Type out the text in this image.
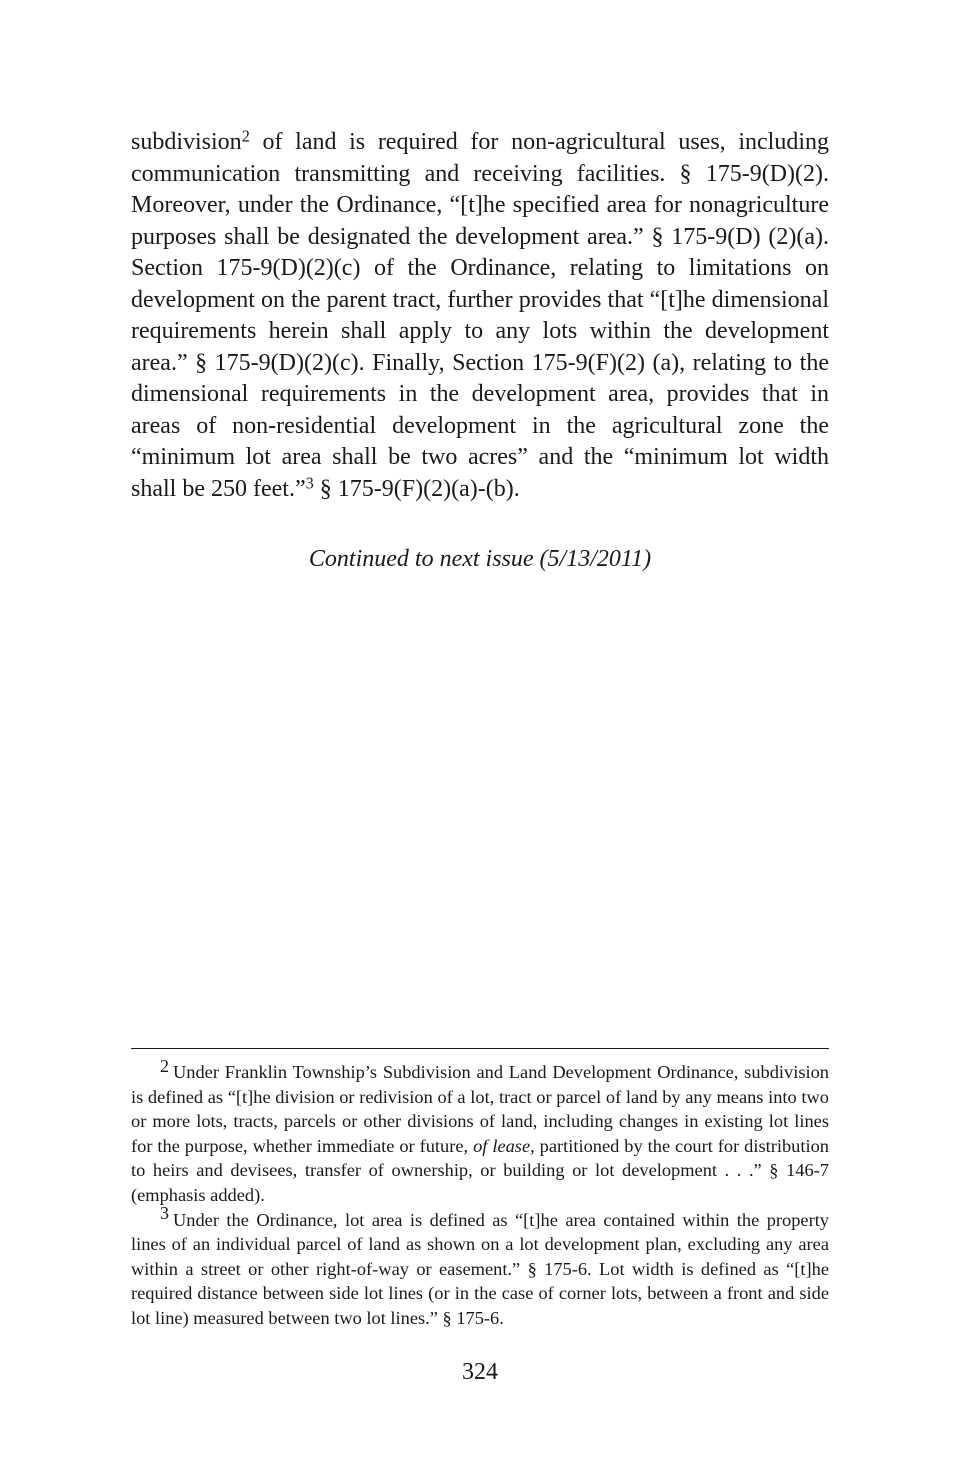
subdivision$^2$ of land is required for non-agricultural uses, including communication transmitting and receiving facilities. § 175-9(D)(2). Moreover, under the Ordinance, “[t]he specified area for nonagriculture purposes shall be designated the development area.” § 175-9(D) (2)(a). Section 175-9(D)(2)(c) of the Ordinance, relating to limitations on development on the parent tract, further provides that “[t]he dimensional requirements herein shall apply to any lots within the development area.” § 175-9(D)(2)(c). Finally, Section 175-9(F)(2) (a), relating to the dimensional requirements in the development area, provides that in areas of non-residential development in the agricultural zone the “minimum lot area shall be two acres” and the “minimum lot width shall be 250 feet.”$^3$ § 175-9(F)(2)(a)-(b).

Continued to next issue (5/13/2011)

2 Under Franklin Township’s Subdivision and Land Development Ordinance, subdivision is defined as “[t]he division or redivision of a lot, tract or parcel of land by any means into two or more lots, tracts, parcels or other divisions of land, including changes in existing lot lines for the purpose, whether immediate or future, of lease, partitioned by the court for distribution to heirs and devisees, transfer of ownership, or building or lot development . . .” § 146-7 (emphasis added).

3 Under the Ordinance, lot area is defined as “[t]he area contained within the property lines of an individual parcel of land as shown on a lot development plan, excluding any area within a street or other right-of-way or easement.” § 175-6. Lot width is defined as “[t]he required distance between side lot lines (or in the case of corner lots, between a front and side lot line) measured between two lot lines.” § 175-6.

324
